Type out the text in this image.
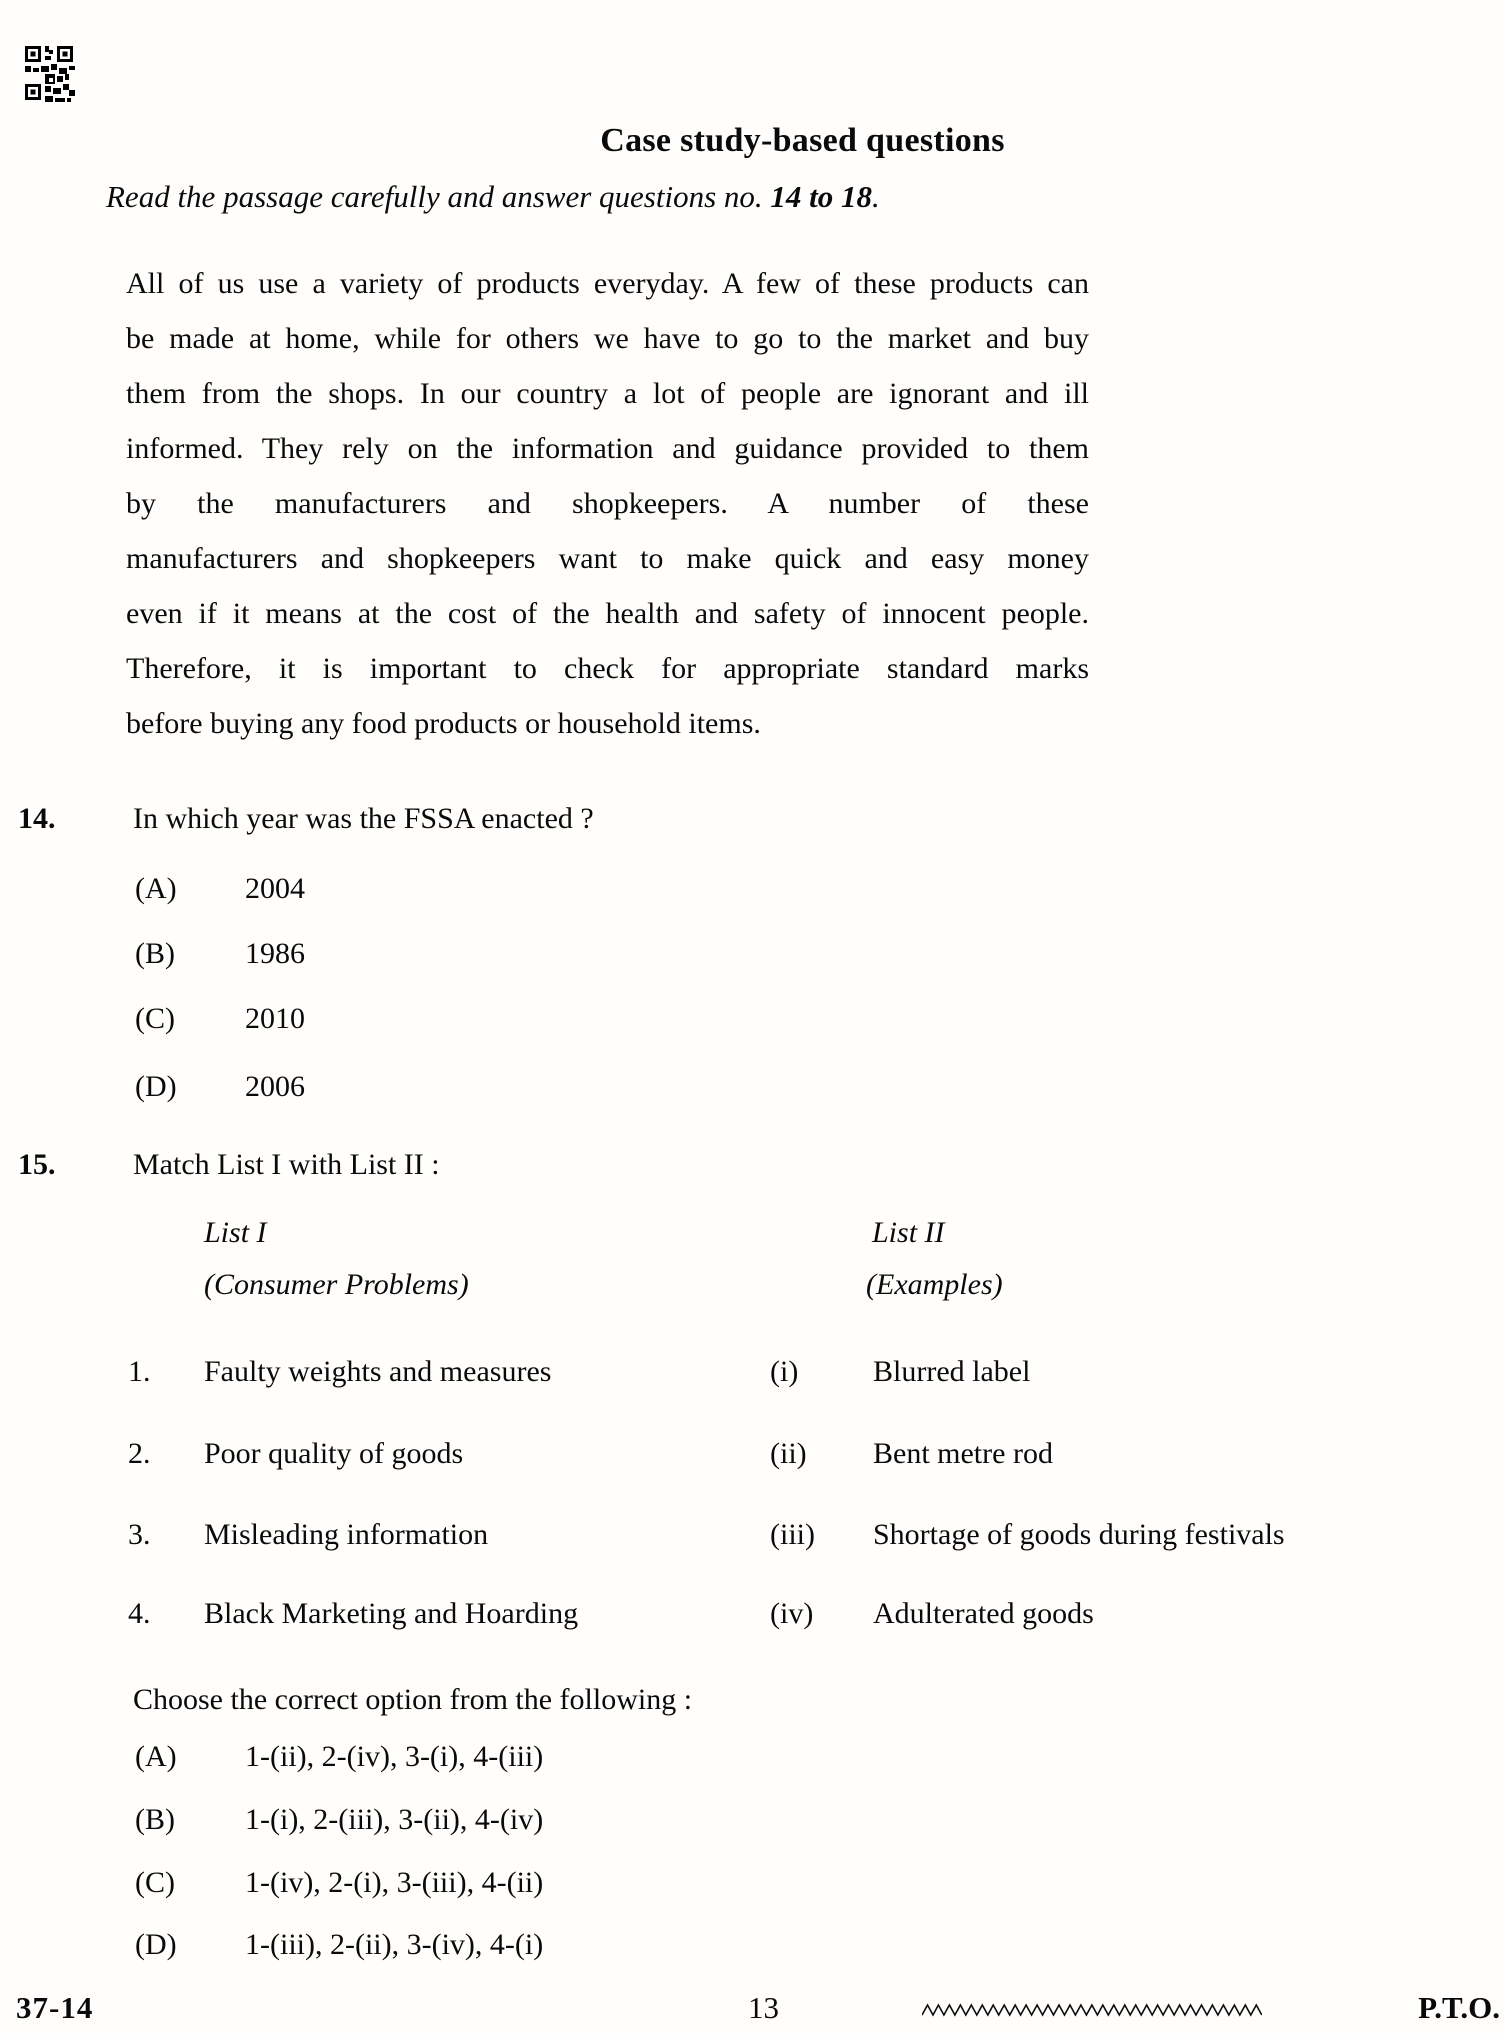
Case study-based questions
Read the passage carefully and answer questions no. 14 to 18.
All of us use a variety of products everyday. A few of these products can
be made at home, while for others we have to go to the market and buy
them from the shops. In our country a lot of people are ignorant and ill
informed. They rely on the information and guidance provided to them
by the manufacturers and shopkeepers. A number of these
manufacturers and shopkeepers want to make quick and easy money
even if it means at the cost of the health and safety of innocent people.
Therefore, it is important to check for appropriate standard marks
before buying any food products or household items.
14.	In which year was the FSSA enacted ?
(A) 2004
(B) 1986
(C) 2010
(D) 2006
15.	Match List I with List II :
List I	List II
(Consumer Problems)	(Examples)
1. Faulty weights and measures	(i) Blurred label
2. Poor quality of goods	(ii) Bent metre rod
3. Misleading information	(iii) Shortage of goods during festivals
4. Black Marketing and Hoarding	(iv) Adulterated goods
Choose the correct option from the following :
(A) 1-(ii), 2-(iv), 3-(i), 4-(iii)
(B) 1-(i), 2-(iii), 3-(ii), 4-(iv)
(C) 1-(iv), 2-(i), 3-(iii), 4-(ii)
(D) 1-(iii), 2-(ii), 3-(iv), 4-(i)
37-14	13	P.T.O.
